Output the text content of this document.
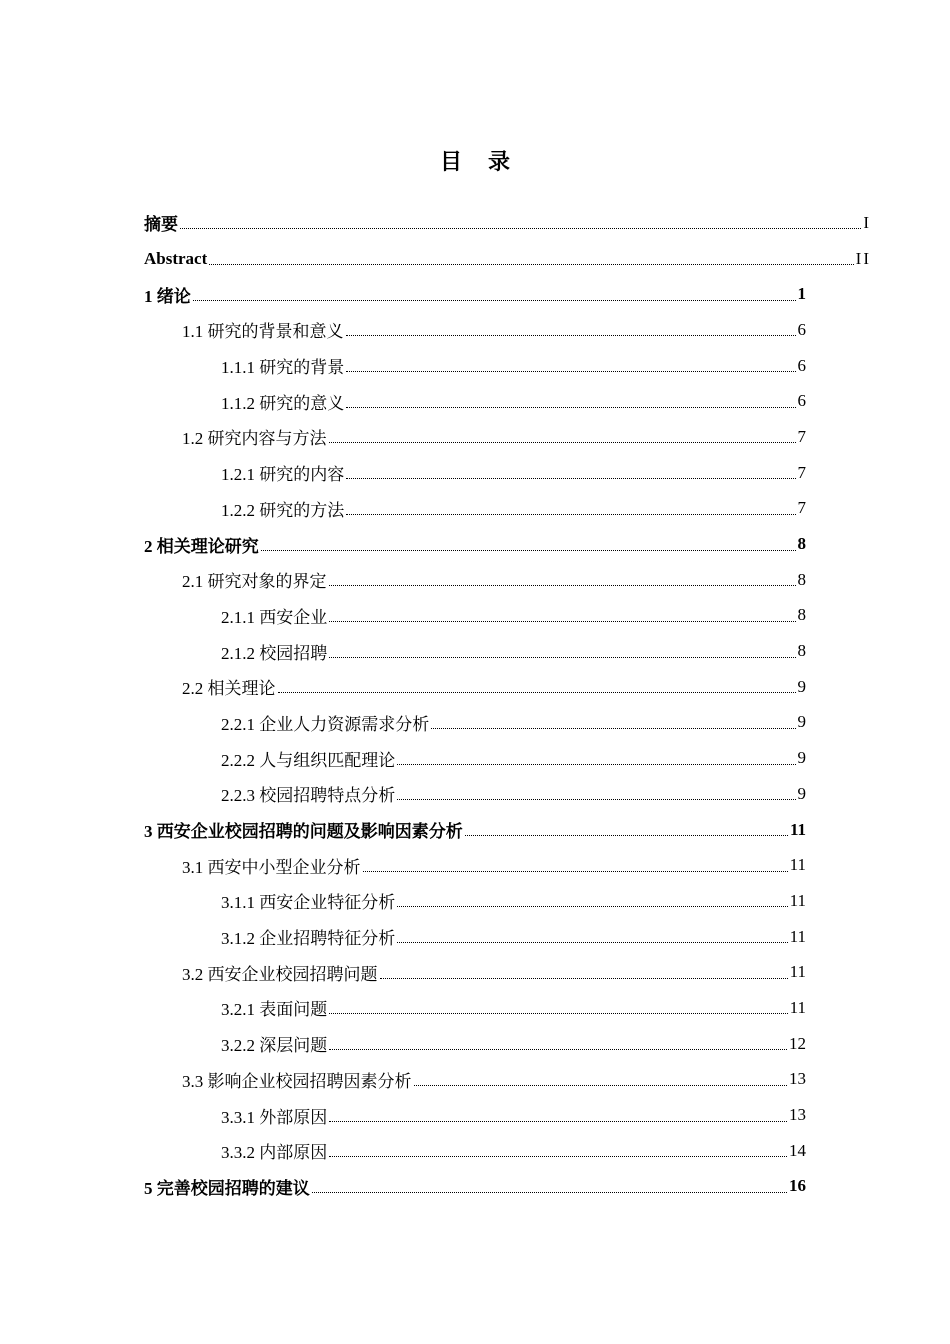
目 录
摘要	I
Abstract	II
1 绪论	1
1.1 研究的背景和意义	6
1.1.1 研究的背景	6
1.1.2 研究的意义	6
1.2 研究内容与方法	7
1.2.1 研究的内容	7
1.2.2 研究的方法	7
2 相关理论研究	8
2.1 研究对象的界定	8
2.1.1 西安企业	8
2.1.2 校园招聘	8
2.2 相关理论	9
2.2.1 企业人力资源需求分析	9
2.2.2 人与组织匹配理论	9
2.2.3 校园招聘特点分析	9
3 西安企业校园招聘的问题及影响因素分析	11
3.1 西安中小型企业分析	11
3.1.1 西安企业特征分析	11
3.1.2 企业招聘特征分析	11
3.2 西安企业校园招聘问题	11
3.2.1 表面问题	11
3.2.2 深层问题	12
3.3 影响企业校园招聘因素分析	13
3.3.1 外部原因	13
3.3.2 内部原因	14
5 完善校园招聘的建议	16
